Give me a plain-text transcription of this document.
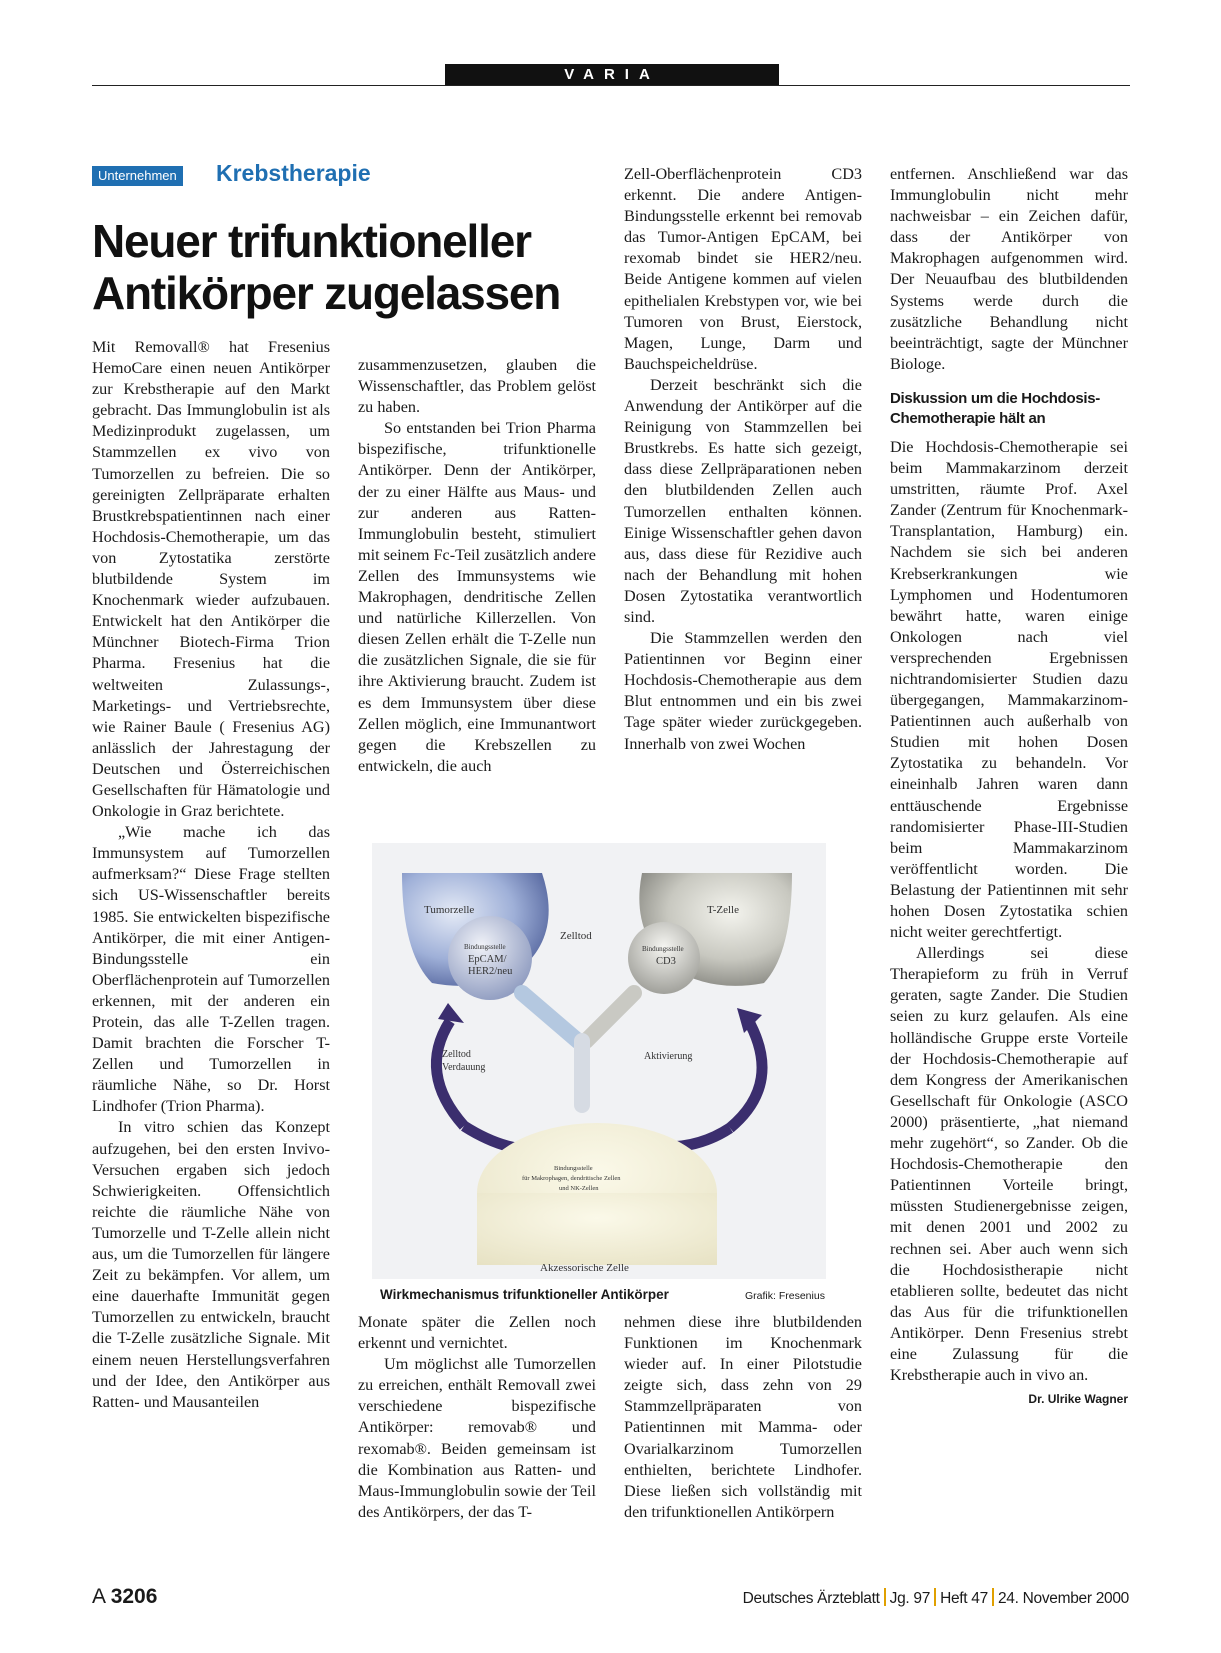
VARIA
Unternehmen Krebstherapie
Neuer trifunktioneller
Antikörper zugelassen

Mit Removall® hat Fresenius HemoCare einen neuen Antikörper zur Krebstherapie auf den Markt gebracht. Das Immunglobulin ist als Medizinprodukt zugelassen, um Stammzellen ex vivo von Tumorzellen zu befreien. Die so gereinigten Zellpräparate erhalten Brustkrebspatientinnen nach einer Hochdosis-Chemotherapie, um das von Zytostatika zerstörte blutbildende System im Knochenmark wieder aufzubauen. Entwickelt hat den Antikörper die Münchner Biotech-Firma Trion Pharma. Fresenius hat die weltweiten Zulassungs-, Marketings- und Vertriebsrechte, wie Rainer Baule ( Fresenius AG) anlässlich der Jahrestagung der Deutschen und Österreichischen Gesellschaften für Hämatologie und Onkologie in Graz berichtete.

„Wie mache ich das Immunsystem auf Tumorzellen aufmerksam?“ Diese Frage stellten sich US-Wissenschaftler bereits 1985. Sie entwickelten bispezifische Antikörper, die mit einer Antigen-Bindungsstelle ein Oberflächenprotein auf Tumorzellen erkennen, mit der anderen ein Protein, das alle T-Zellen tragen. Damit brachten die Forscher T-Zellen und Tumorzellen in räumliche Nähe, so Dr. Horst Lindhofer (Trion Pharma).

In vitro schien das Konzept aufzugehen, bei den ersten Invivo-Versuchen ergaben sich jedoch Schwierigkeiten. Offensichtlich reichte die räumliche Nähe von Tumorzelle und T-Zelle allein nicht aus, um die Tumorzellen für längere Zeit zu bekämpfen. Vor allem, um eine dauerhafte Immunität gegen Tumorzellen zu entwickeln, braucht die T-Zelle zusätzliche Signale. Mit einem neuen Herstellungsverfahren und der Idee, den Antikörper aus Ratten- und Mausanteilen

zusammenzusetzen, glauben die Wissenschaftler, das Problem gelöst zu haben.

So entstanden bei Trion Pharma bispezifische, trifunktionelle Antikörper. Denn der Antikörper, der zu einer Hälfte aus Maus- und zur anderen aus Ratten-Immunglobulin besteht, stimuliert mit seinem Fc-Teil zusätzlich andere Zellen des Immunsystems wie Makrophagen, dendritische Zellen und natürliche Killerzellen. Von diesen Zellen erhält die T-Zelle nun die zusätzlichen Signale, die sie für ihre Aktivierung braucht. Zudem ist es dem Immunsystem über diese Zellen möglich, eine Immunantwort gegen die Krebszellen zu entwickeln, die auch

Zell-Oberflächenprotein CD3 erkennt. Die andere Antigen-Bindungsstelle erkennt bei removab das Tumor-Antigen EpCAM, bei rexomab bindet sie HER2/neu. Beide Antigene kommen auf vielen epithelialen Krebstypen vor, wie bei Tumoren von Brust, Eierstock, Magen, Lunge, Darm und Bauchspeicheldrüse.

Derzeit beschränkt sich die Anwendung der Antikörper auf die Reinigung von Stammzellen bei Brustkrebs. Es hatte sich gezeigt, dass diese Zellpräparationen neben den blutbildenden Zellen auch Tumorzellen enthalten können. Einige Wissenschaftler gehen davon aus, dass diese für Rezidive auch nach der Behandlung mit hohen Dosen Zytostatika verantwortlich sind.

Die Stammzellen werden den Patientinnen vor Beginn einer Hochdosis-Chemotherapie aus dem Blut entnommen und ein bis zwei Tage später wieder zurückgegeben. Innerhalb von zwei Wochen

Tumorzelle	T-Zelle
Bindungsstelle
EpCAM/
HER2/neu
Bindungsstelle
CD3
Zelltod
Zelltod
Verdauung
Aktivierung
Bindungsstelle
für Makrophagen, dendritische Zellen
und NK-Zellen
Akzessorische Zelle
Wirkmechanismus trifunktioneller Antikörper	Grafik: Fresenius

Monate später die Zellen noch erkennt und vernichtet.

Um möglichst alle Tumorzellen zu erreichen, enthält Removall zwei verschiedene bispezifische Antikörper: removab® und rexomab®. Beiden gemeinsam ist die Kombination aus Ratten- und Maus-Immunglobulin sowie der Teil des Antikörpers, der das T-

nehmen diese ihre blutbildenden Funktionen im Knochenmark wieder auf. In einer Pilotstudie zeigte sich, dass zehn von 29 Stammzellpräparaten von Patientinnen mit Mamma- oder Ovarialkarzinom Tumorzellen enthielten, berichtete Lindhofer. Diese ließen sich vollständig mit den trifunktionellen Antikörpern

entfernen. Anschließend war das Immunglobulin nicht mehr nachweisbar – ein Zeichen dafür, dass der Antikörper von Makrophagen aufgenommen wird. Der Neuaufbau des blutbildenden Systems werde durch die zusätzliche Behandlung nicht beeinträchtigt, sagte der Münchner Biologe.

Diskussion um die Hochdosis-Chemotherapie hält an

Die Hochdosis-Chemotherapie sei beim Mammakarzinom derzeit umstritten, räumte Prof. Axel Zander (Zentrum für Knochenmark-Transplantation, Hamburg) ein. Nachdem sie sich bei anderen Krebserkrankungen wie Lymphomen und Hodentumoren bewährt hatte, waren einige Onkologen nach viel versprechenden Ergebnissen nichtrandomisierter Studien dazu übergegangen, Mammakarzinom-Patientinnen auch außerhalb von Studien mit hohen Dosen Zytostatika zu behandeln. Vor eineinhalb Jahren waren dann enttäuschende Ergebnisse randomisierter Phase-III-Studien beim Mammakarzinom veröffentlicht worden. Die Belastung der Patientinnen mit sehr hohen Dosen Zytostatika schien nicht weiter gerechtfertigt.

Allerdings sei diese Therapieform zu früh in Verruf geraten, sagte Zander. Die Studien seien zu kurz gelaufen. Als eine holländische Gruppe erste Vorteile der Hochdosis-Chemotherapie auf dem Kongress der Amerikanischen Gesellschaft für Onkologie (ASCO 2000) präsentierte, „hat niemand mehr zugehört“, so Zander. Ob die Hochdosis-Chemotherapie den Patientinnen Vorteile bringt, müssten Studienergebnisse zeigen, mit denen 2001 und 2002 zu rechnen sei. Aber auch wenn sich die Hochdosistherapie nicht etablieren sollte, bedeutet das nicht das Aus für die trifunktionellen Antikörper. Denn Fresenius strebt eine Zulassung für die Krebstherapie auch in vivo an.
Dr. Ulrike Wagner

A 3206	Deutsches Ärzteblatt Jg. 97 Heft 47 24. November 2000
